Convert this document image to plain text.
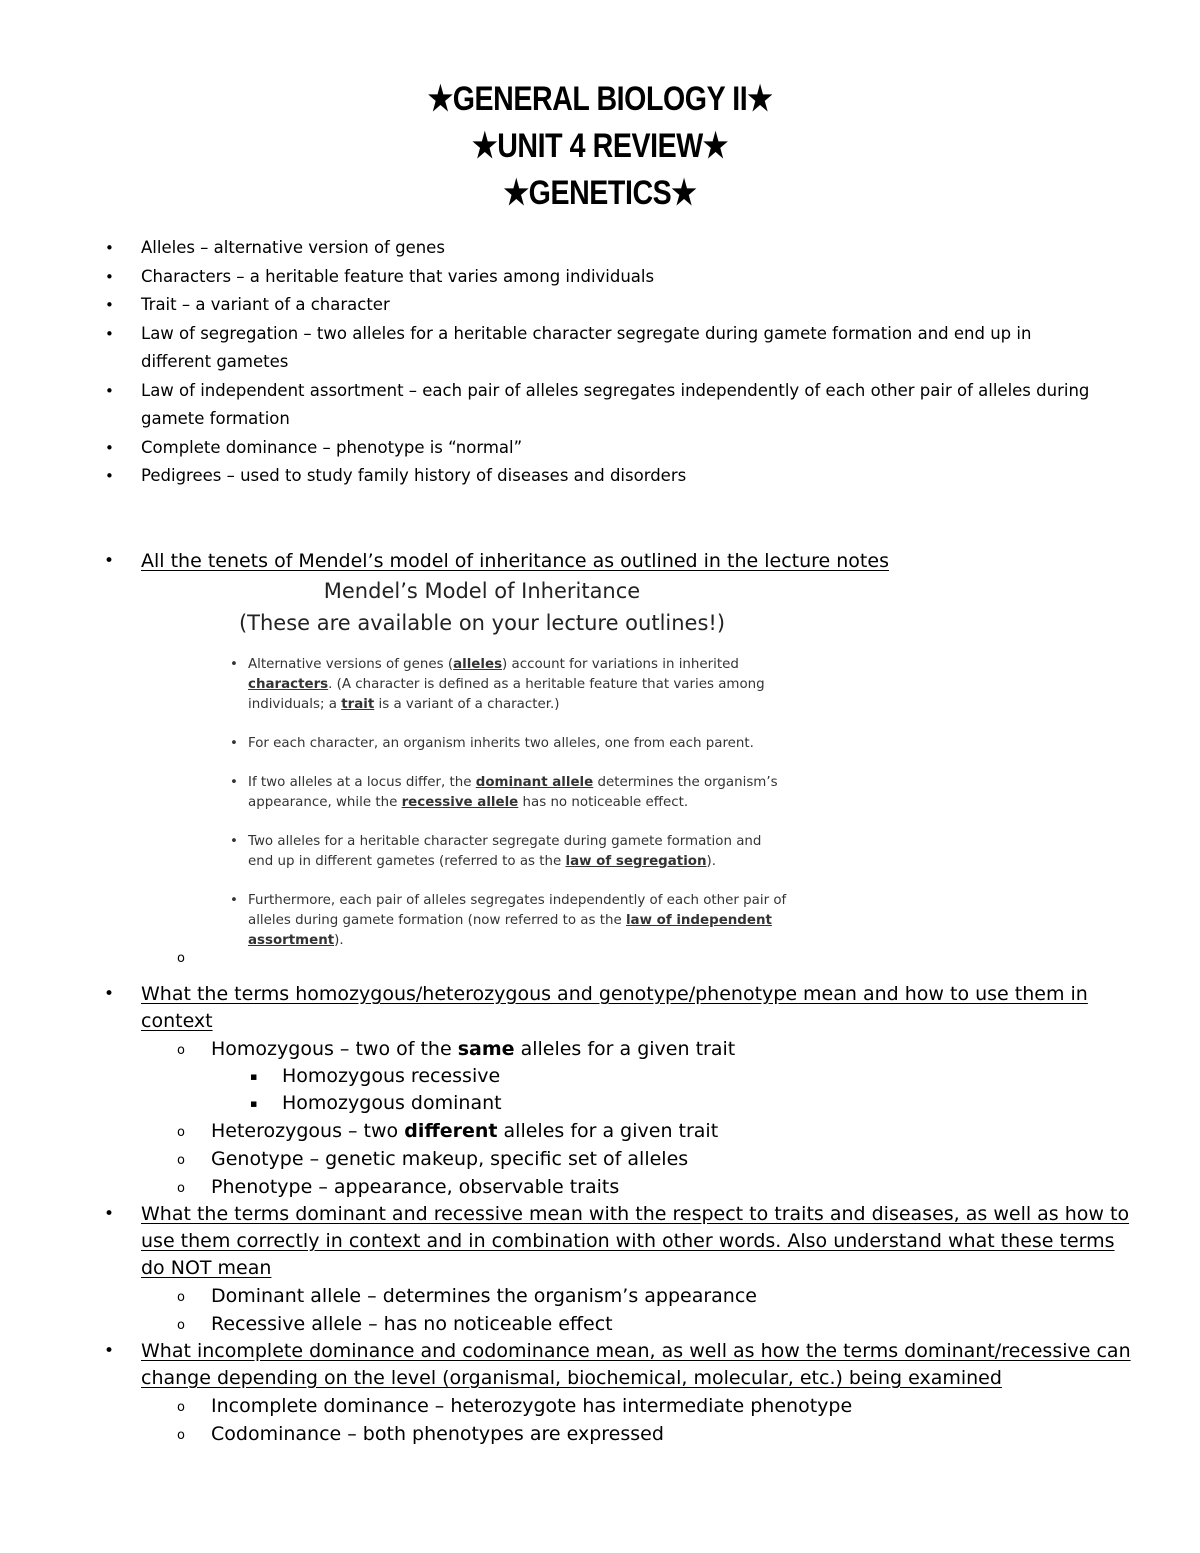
★GENERAL BIOLOGY II★
★UNIT 4 REVIEW★
★GENETICS★
• Alleles – alternative version of genes
• Characters – a heritable feature that varies among individuals
• Trait – a variant of a character
• Law of segregation – two alleles for a heritable character segregate during gamete formation and end up in different gametes
• Law of independent assortment – each pair of alleles segregates independently of each other pair of alleles during gamete formation
• Complete dominance – phenotype is “normal”
• Pedigrees – used to study family history of diseases and disorders
• All the tenets of Mendel’s model of inheritance as outlined in the lecture notes
Mendel’s Model of Inheritance
(These are available on your lecture outlines!)
• Alternative versions of genes (alleles) account for variations in inherited characters. (A character is defined as a heritable feature that varies among individuals; a trait is a variant of a character.)
• For each character, an organism inherits two alleles, one from each parent.
• If two alleles at a locus differ, the dominant allele determines the organism’s appearance, while the recessive allele has no noticeable effect.
• Two alleles for a heritable character segregate during gamete formation and end up in different gametes (referred to as the law of segregation).
• Furthermore, each pair of alleles segregates independently of each other pair of alleles during gamete formation (now referred to as the law of independent assortment).
o
• What the terms homozygous/heterozygous and genotype/phenotype mean and how to use them in context
o Homozygous – two of the same alleles for a given trait
▪ Homozygous recessive
▪ Homozygous dominant
o Heterozygous – two different alleles for a given trait
o Genotype – genetic makeup, specific set of alleles
o Phenotype – appearance, observable traits
• What the terms dominant and recessive mean with the respect to traits and diseases, as well as how to use them correctly in context and in combination with other words. Also understand what these terms do NOT mean
o Dominant allele – determines the organism’s appearance
o Recessive allele – has no noticeable effect
• What incomplete dominance and codominance mean, as well as how the terms dominant/recessive can change depending on the level (organismal, biochemical, molecular, etc.) being examined
o Incomplete dominance – heterozygote has intermediate phenotype
o Codominance – both phenotypes are expressed
